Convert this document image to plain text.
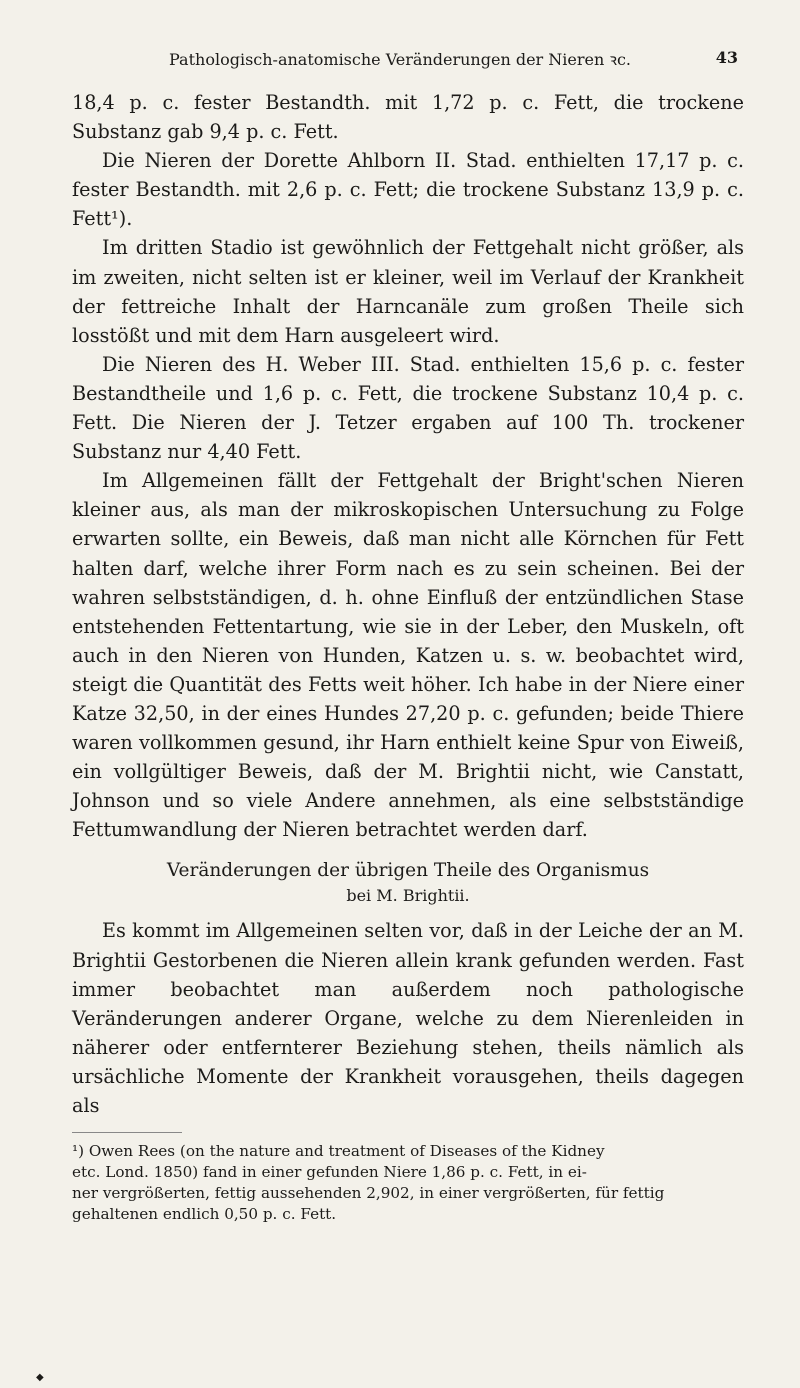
Pathologisch-anatomische Veränderungen der Nieren ꝛc.	43

18,4 p. c. fester Bestandth. mit 1,72 p. c. Fett, die trockene Substanz gab 9,4 p. c. Fett.

Die Nieren der Dorette Ahlborn II. Stad. enthielten 17,17 p. c. fester Bestandth. mit 2,6 p. c. Fett; die trockene Substanz 13,9 p. c. Fett¹).

Im dritten Stadio ist gewöhnlich der Fettgehalt nicht größer, als im zweiten, nicht selten ist er kleiner, weil im Verlauf der Krankheit der fettreiche Inhalt der Harncanäle zum großen Theile sich losstößt und mit dem Harn ausgeleert wird.

Die Nieren des H. Weber III. Stad. enthielten 15,6 p. c. fester Bestandtheile und 1,6 p. c. Fett, die trockene Substanz 10,4 p. c. Fett. Die Nieren der J. Tetzer ergaben auf 100 Th. trockener Substanz nur 4,40 Fett.

Im Allgemeinen fällt der Fettgehalt der Bright'schen Nieren kleiner aus, als man der mikroskopischen Untersuchung zu Folge erwarten sollte, ein Beweis, daß man nicht alle Körnchen für Fett halten darf, welche ihrer Form nach es zu sein scheinen. Bei der wahren selbstständigen, d. h. ohne Einfluß der entzündlichen Stase entstehenden Fettentartung, wie sie in der Leber, den Muskeln, oft auch in den Nieren von Hunden, Katzen u. s. w. beobachtet wird, steigt die Quantität des Fetts weit höher. Ich habe in der Niere einer Katze 32,50, in der eines Hundes 27,20 p. c. gefunden; beide Thiere waren vollkommen gesund, ihr Harn enthielt keine Spur von Eiweiß, ein vollgültiger Beweis, daß der M. Brightii nicht, wie Canstatt, Johnson und so viele Andere annehmen, als eine selbstständige Fettumwandlung der Nieren betrachtet werden darf.

Veränderungen der übrigen Theile des Organismus
bei M. Brightii.

Es kommt im Allgemeinen selten vor, daß in der Leiche der an M. Brightii Gestorbenen die Nieren allein krank gefunden werden. Fast immer beobachtet man außerdem noch pathologische Veränderungen anderer Organe, welche zu dem Nierenleiden in näherer oder entfernterer Beziehung stehen, theils nämlich als ursächliche Momente der Krankheit vorausgehen, theils dagegen als

¹) Owen Rees (on the nature and treatment of Diseases of the Kidney
etc. Lond. 1850) fand in einer gefunden Niere 1,86 p. c. Fett, in ei-
ner vergrößerten, fettig aussehenden 2,902, in einer vergrößerten, für fettig
gehaltenen endlich 0,50 p. c. Fett.
◆
